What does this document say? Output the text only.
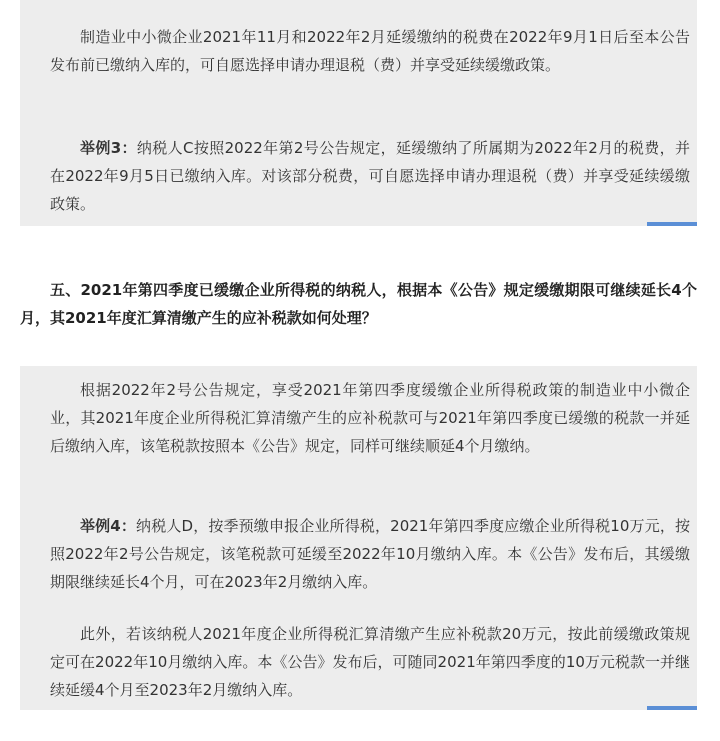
制造业中小微企业2021年11月和2022年2月延缓缴纳的税费在2022年9月1日后至本公告发布前已缴纳入库的，可自愿选择申请办理退税（费）并享受延续缓缴政策。

举例3：纳税人C按照2022年第2号公告规定，延缓缴纳了所属期为2022年2月的税费，并在2022年9月5日已缴纳入库。对该部分税费，可自愿选择申请办理退税（费）并享受延续缓缴政策。

五、2021年第四季度已缓缴企业所得税的纳税人，根据本《公告》规定缓缴期限可继续延长4个月，其2021年度汇算清缴产生的应补税款如何处理？

根据2022年2号公告规定，享受2021年第四季度缓缴企业所得税政策的制造业中小微企业，其2021年度企业所得税汇算清缴产生的应补税款可与2021年第四季度已缓缴的税款一并延后缴纳入库，该笔税款按照本《公告》规定，同样可继续顺延4个月缴纳。

举例4：纳税人D，按季预缴申报企业所得税，2021年第四季度应缴企业所得税10万元，按照2022年2号公告规定，该笔税款可延缓至2022年10月缴纳入库。本《公告》发布后，其缓缴期限继续延长4个月，可在2023年2月缴纳入库。

此外，若该纳税人2021年度企业所得税汇算清缴产生应补税款20万元，按此前缓缴政策规定可在2022年10月缴纳入库。本《公告》发布后，可随同2021年第四季度的10万元税款一并继续延缓4个月至2023年2月缴纳入库。
